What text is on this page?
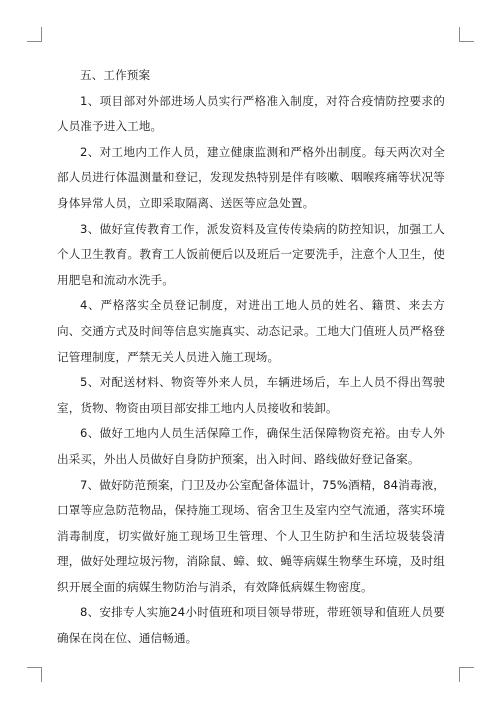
五、工作预案

1、项目部对外部进场人员实行严格准入制度，对符合疫情防控要求的人员准予进入工地。

2、对工地内工作人员，建立健康监测和严格外出制度。每天两次对全部人员进行体温测量和登记，发现发热特别是伴有咳嗽、咽喉疼痛等状况等身体异常人员，立即采取隔离、送医等应急处置。

3、做好宣传教育工作，派发资料及宣传传染病的防控知识，加强工人个人卫生教育。教育工人饭前便后以及班后一定要洗手，注意个人卫生，使用肥皂和流动水洗手。

4、严格落实全员登记制度，对进出工地人员的姓名、籍贯、来去方向、交通方式及时间等信息实施真实、动态记录。工地大门值班人员严格登记管理制度，严禁无关人员进入施工现场。

5、对配送材料、物资等外来人员，车辆进场后，车上人员不得出驾驶室，货物、物资由项目部安排工地内人员接收和装卸。

6、做好工地内人员生活保障工作，确保生活保障物资充裕。由专人外出采买，外出人员做好自身防护预案，出入时间、路线做好登记备案。

7、做好防范预案，门卫及办公室配备体温计，75%酒精，84消毒液，口罩等应急防范物品，保持施工现场、宿舍卫生及室内空气流通，落实环境消毒制度，切实做好施工现场卫生管理、个人卫生防护和生活垃圾装袋清理，做好处理垃圾污物，消除鼠、蟑、蚊、蝇等病媒生物孳生环境，及时组织开展全面的病媒生物防治与消杀，有效降低病媒生物密度。

8、安排专人实施24小时值班和项目领导带班，带班领导和值班人员要确保在岗在位、通信畅通。
